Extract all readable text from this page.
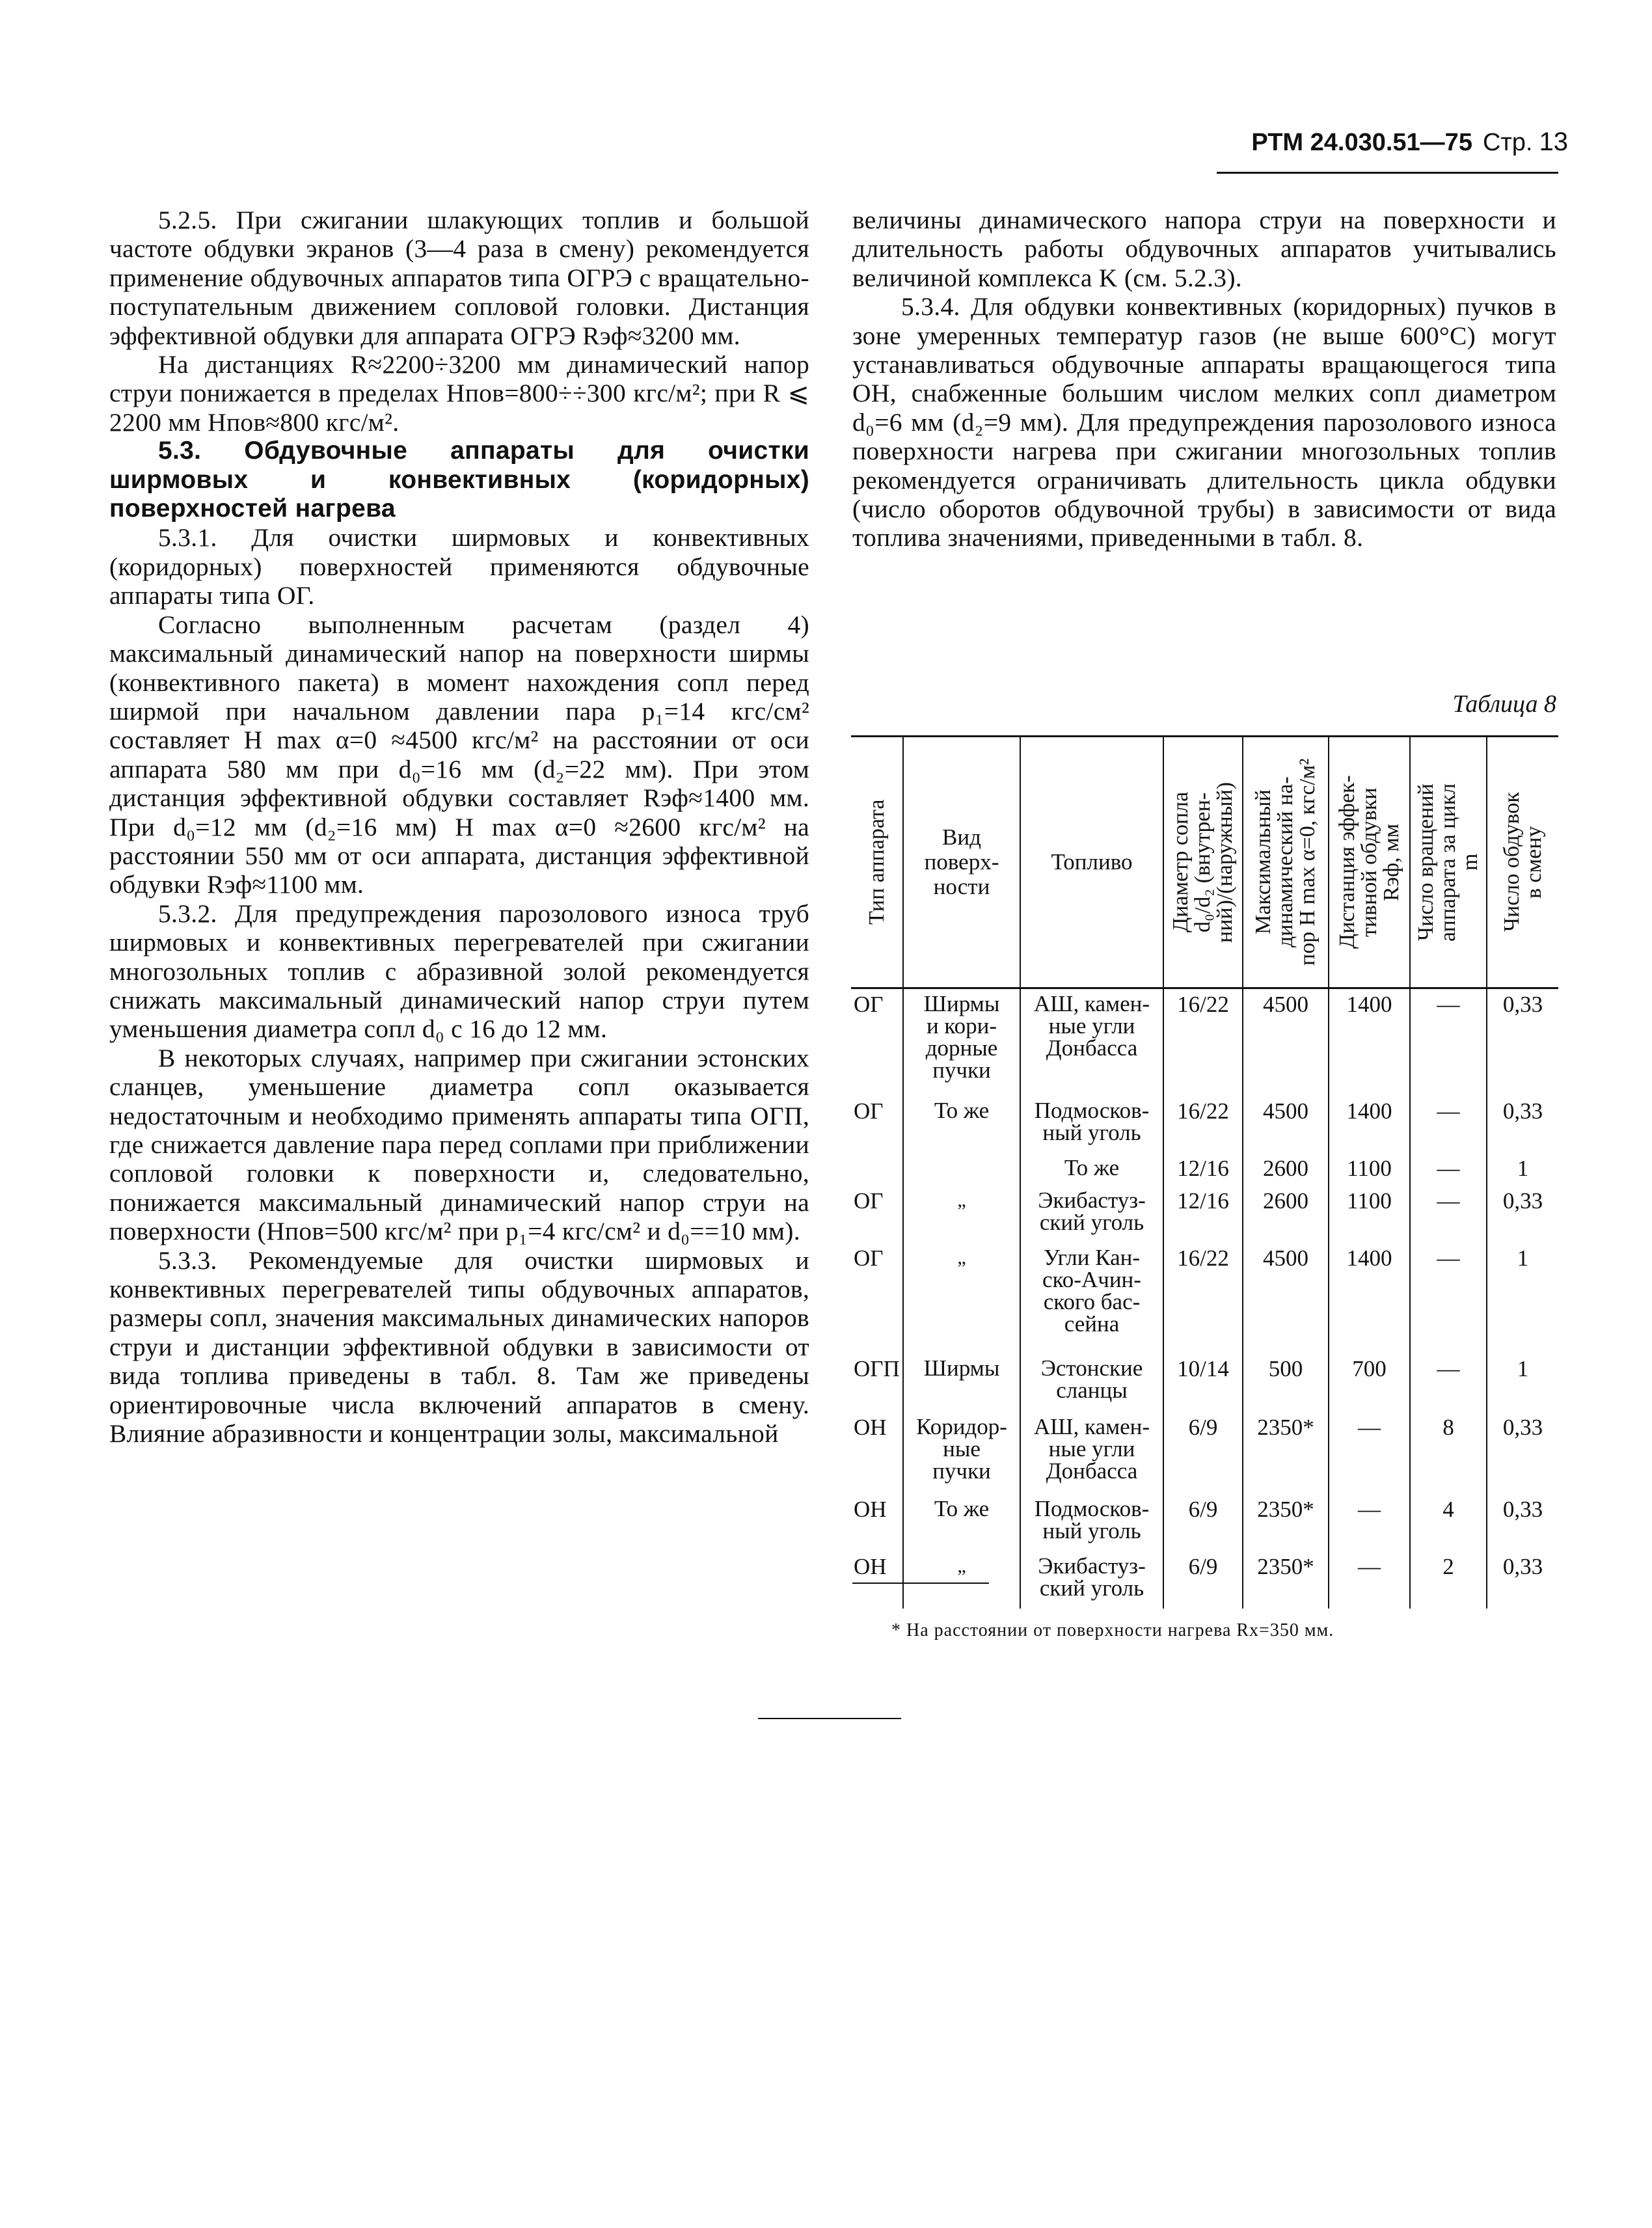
РТМ 24.030.51—75 Стр. 13

5.2.5. При сжигании шлакующих топлив и большой частоте обдувки экранов (3—4 раза в смену) рекомендуется применение обдувочных аппаратов типа ОГРЭ с вращательно-поступательным движением сопловой головки. Дистанция эффективной обдувки для аппарата ОГРЭ Rэф≈3200 мм.

На дистанциях R≈2200÷3200 мм динамический напор струи понижается в пределах Hпов=800÷÷300 кгс/м²; при R ⩽ 2200 мм Hпов≈800 кгс/м².

5.3. Обдувочные аппараты для очистки ширмовых и конвективных (коридорных) поверхностей нагрева

5.3.1. Для очистки ширмовых и конвективных (коридорных) поверхностей применяются обдувочные аппараты типа ОГ.

Согласно выполненным расчетам (раздел 4) максимальный динамический напор на поверхности ширмы (конвективного пакета) в момент нахождения сопл перед ширмой при начальном давлении пара p₁=14 кгс/см² составляет H max α=0 ≈4500 кгс/м² на расстоянии от оси аппарата 580 мм при d₀=16 мм (d₂=22 мм). При этом дистанция эффективной обдувки составляет Rэф≈1400 мм. При d₀=12 мм (d₂=16 мм) H max α=0 ≈2600 кгс/м² на расстоянии 550 мм от оси аппарата, дистанция эффективной обдувки Rэф≈1100 мм.

5.3.2. Для предупреждения парозолового износа труб ширмовых и конвективных перегревателей при сжигании многозольных топлив с абразивной золой рекомендуется снижать максимальный динамический напор струи путем уменьшения диаметра сопл d₀ с 16 до 12 мм.

В некоторых случаях, например при сжигании эстонских сланцев, уменьшение диаметра сопл оказывается недостаточным и необходимо применять аппараты типа ОГП, где снижается давление пара перед соплами при приближении сопловой головки к поверхности и, следовательно, понижается максимальный динамический напор струи на поверхности (Hпов=500 кгс/м² при p₁=4 кгс/см² и d₀==10 мм).

5.3.3. Рекомендуемые для очистки ширмовых и конвективных перегревателей типы обдувочных аппаратов, размеры сопл, значения максимальных динамических напоров струи и дистанции эффективной обдувки в зависимости от вида топлива приведены в табл. 8. Там же приведены ориентировочные числа включений аппаратов в смену. Влияние абразивности и концентрации золы, максимальной

величины динамического напора струи на поверхности и длительность работы обдувочных аппаратов учитывались величиной комплекса K (см. 5.2.3).

5.3.4. Для обдувки конвективных (коридорных) пучков в зоне умеренных температур газов (не выше 600°С) могут устанавливаться обдувочные аппараты вращающегося типа ОН, снабженные большим числом мелких сопл диаметром d₀=6 мм (d₂=9 мм). Для предупреждения парозолового износа поверхности нагрева при сжигании многозольных топлив рекомендуется ограничивать длительность цикла обдувки (число оборотов обдувочной трубы) в зависимости от вида топлива значениями, приведенными в табл. 8.

Таблица 8
Тип аппарата	Вид
поверх-
ности	Топливо	Диаметр сопла
d₀/d₂ (внутрен-
ний)/(наружный)	Максимальный
динамический на-
пор H max α=0, кгс/м²	Дистанция эффек-
тивной обдувки
Rэф, мм	Число вращений
аппарата за цикл
m	Число обдувок
в смену

ОГ	Ширмы
и кори-
дорные
пучки	АШ, камен-
ные угли
Донбасса	16/22	4500	1400	—	0,33
ОГ	То же	Подмосков-
ный уголь	16/22	4500	1400	—	0,33
		То же	12/16	2600	1100	—	1
ОГ	„	Экибастуз-
ский уголь	12/16	2600	1100	—	0,33
ОГ	„	Угли Кан-
ско-Ачин-
ского бас-
сейна	16/22	4500	1400	—	1
ОГП	Ширмы	Эстонские
сланцы	10/14	500	700	—	1
ОН	Коридор-
ные
пучки	АШ, камен-
ные угли
Донбасса	6/9	2350*	—	8	0,33
ОН	То же	Подмосков-
ный уголь	6/9	2350*	—	4	0,33
ОН	„	Экибастуз-
ский уголь	6/9	2350*	—	2	0,33
* На расстоянии от поверхности нагрева Rx=350 мм.
